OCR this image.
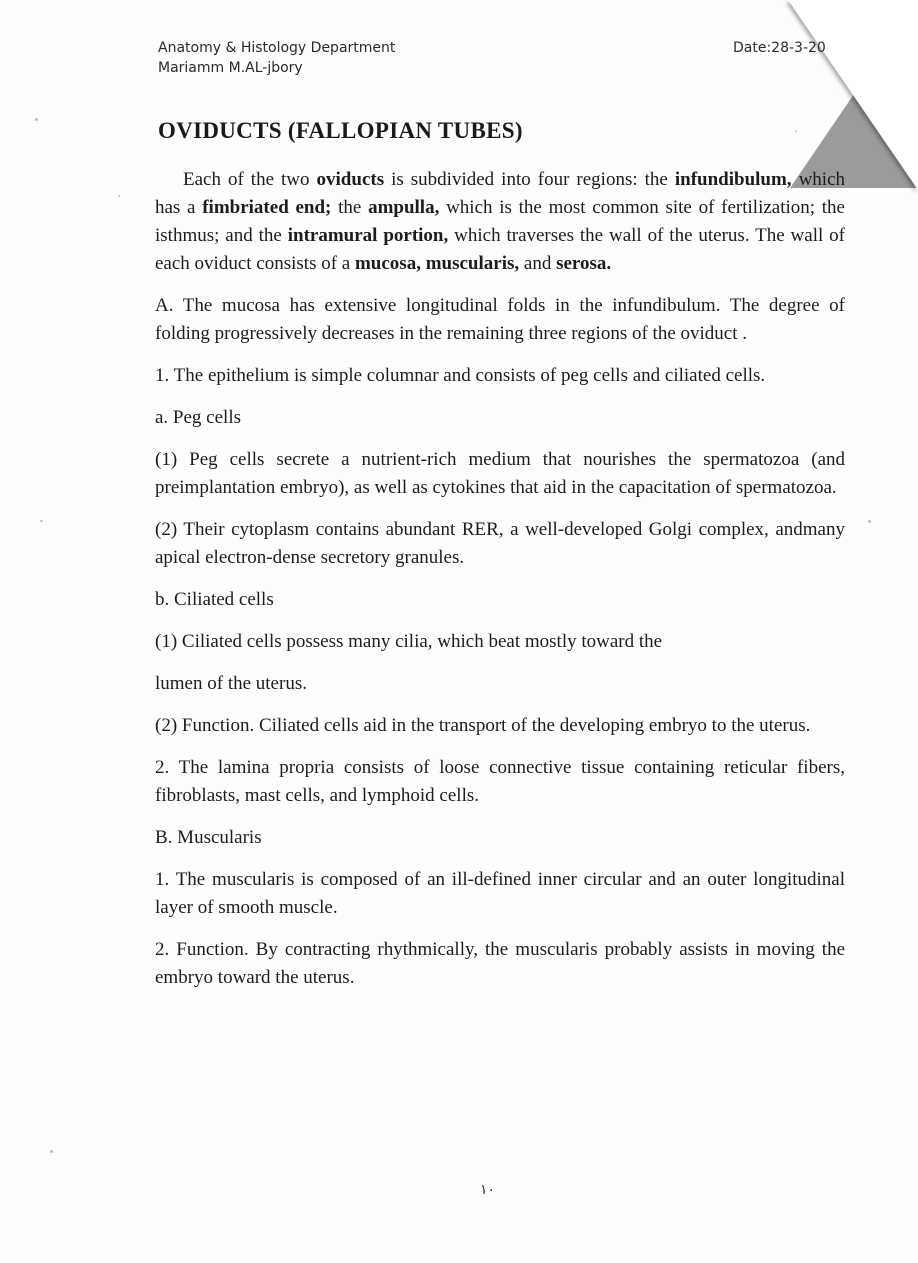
Anatomy & Histology Department
Mariamm M.AL-jbory
Date:28-3-20
OVIDUCTS (FALLOPIAN TUBES)

Each of the two oviducts is subdivided into four regions: the infundibulum, which has a fimbriated end; the ampulla, which is the most common site of fertilization; the isthmus; and the intramural portion, which traverses the wall of the uterus. The wall of each oviduct consists of a mucosa, muscularis, and serosa.

A. The mucosa has extensive longitudinal folds in the infundibulum. The degree of folding progressively decreases in the remaining three regions of the oviduct .

1. The epithelium is simple columnar and consists of peg cells and ciliated cells.

a. Peg cells

(1) Peg cells secrete a nutrient-rich medium that nourishes the spermatozoa (and preimplantation embryo), as well as cytokines that aid in the capacitation of spermatozoa.

(2) Their cytoplasm contains abundant RER, a well-developed Golgi complex, andmany apical electron-dense secretory granules.

b. Ciliated cells

(1) Ciliated cells possess many cilia, which beat mostly toward the

lumen of the uterus.

(2) Function. Ciliated cells aid in the transport of the developing embryo to the uterus.

2. The lamina propria consists of loose connective tissue containing reticular fibers, fibroblasts, mast cells, and lymphoid cells.

B. Muscularis

1. The muscularis is composed of an ill-defined inner circular and an outer longitudinal layer of smooth muscle.

2. Function. By contracting rhythmically, the muscularis probably assists in moving the embryo toward the uterus.

١٠
